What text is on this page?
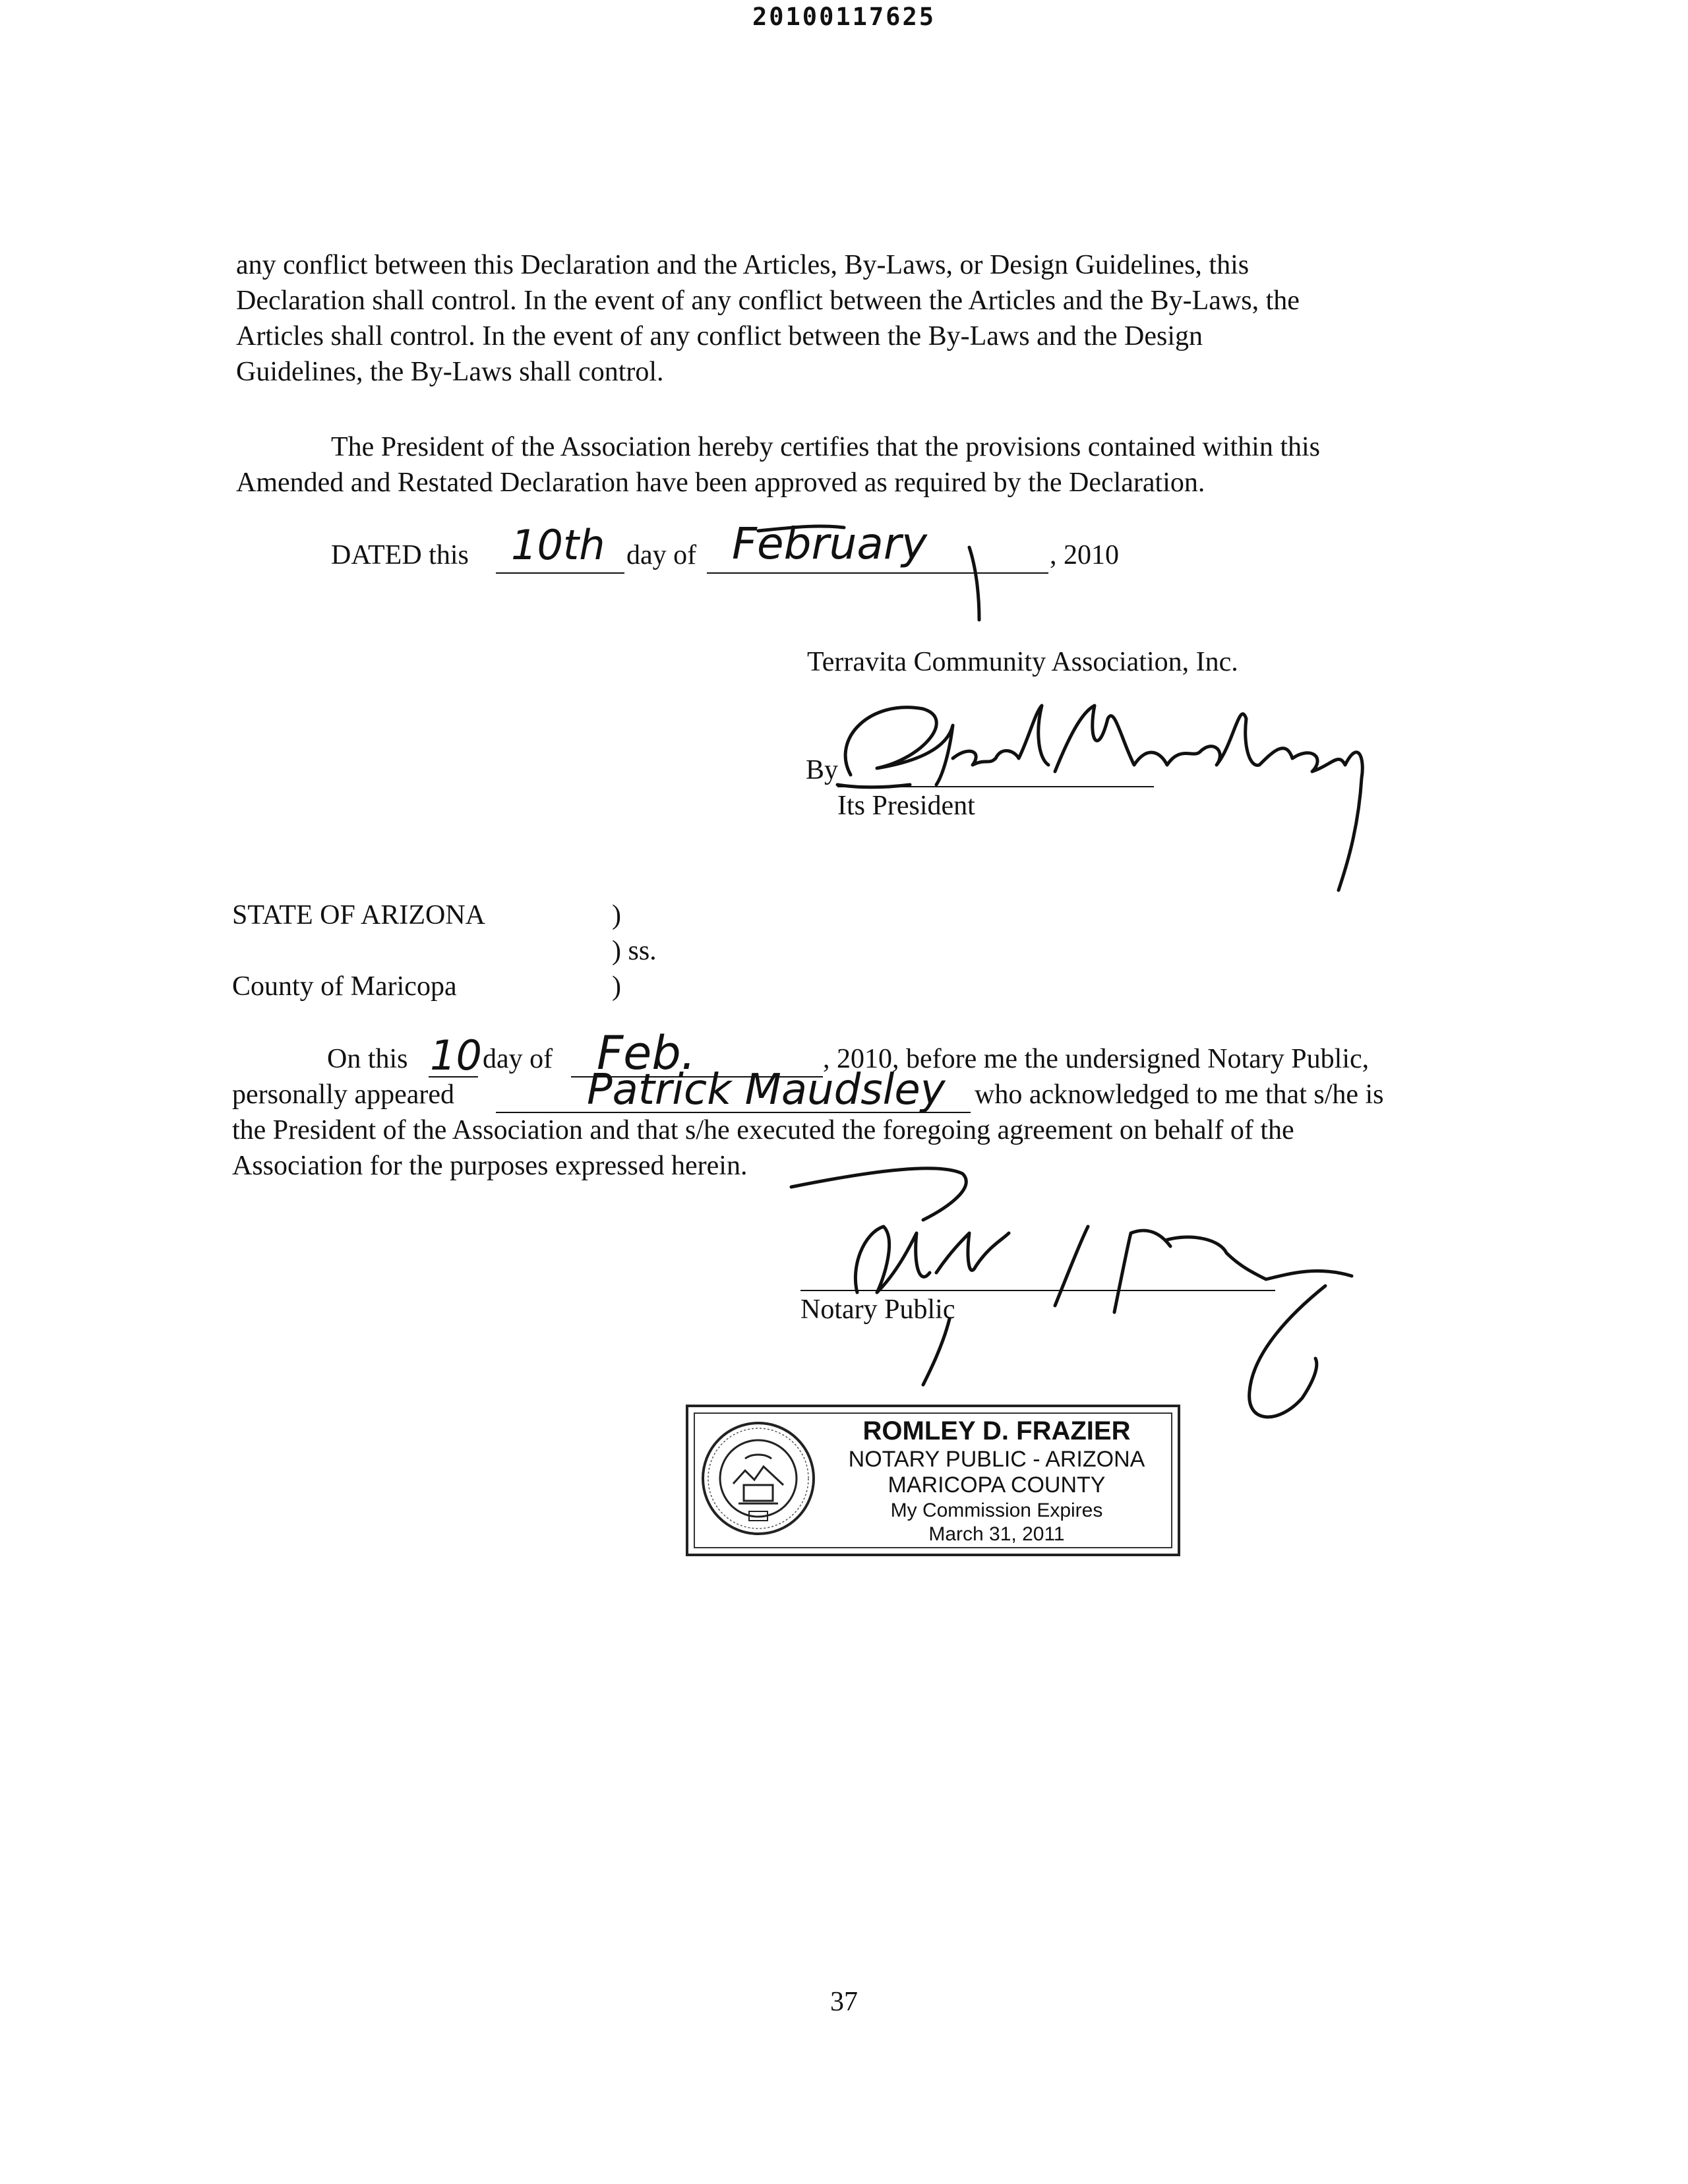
20100117625
any conflict between this Declaration and the Articles, By-Laws, or Design Guidelines, this
Declaration shall control. In the event of any conflict between the Articles and the By-Laws, the
Articles shall control. In the event of any conflict between the By-Laws and the Design
Guidelines, the By-Laws shall control.
The President of the Association hereby certifies that the provisions contained within this
Amended and Restated Declaration have been approved as required by the Declaration.
DATED this 10th day of February	, 2010
Terravita Community Association, Inc.
By
Its President
STATE OF ARIZONA	)
) ss.
County of Maricopa	)
On this 10 day of Feb.	, 2010, before me the undersigned Notary Public,
personally appeared	Patrick Maudsley who acknowledged to me that s/he is
the President of the Association and that s/he executed the foregoing agreement on behalf of the
Association for the purposes expressed herein.
Notary Public
ROMLEY D. FRAZIER
NOTARY PUBLIC - ARIZONA
MARICOPA COUNTY
My Commission Expires
March 31, 2011
37
